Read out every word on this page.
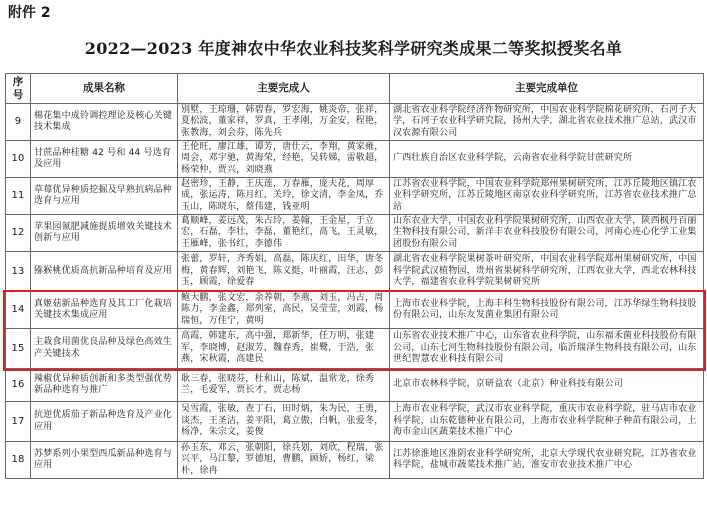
附件 2
2022—2023 年度神农中华农业科技奖科学研究类成果二等奖拟授奖名单
序号	成果名称	主要完成人	主要完成单位
9	棉花集中成铃调控理论及核心关键技术集成	别墅，王琼珊，韩碧春，罗宏海，姚炎帝，张祥，夏松波，董家祥，罗真，王孝刚，万金安，程艳，张教海，刘会芬，陈先兵	湖北省农业科学院经济作物研究所，中国农业科学院棉花研究所，石河子大学，石河子农业科学研究院，扬州大学，湖北省农业技术推广总站，武汉市汉农源有限公司
10	甘蔗品种桂糖 42 号和 44 号选育及应用	王伦旺，廖江雄，谭芳，唐仕云，李翔，黄家雍，周会，邓宇驰，黄海荣，经艳，吴转娣，雷敬超，杨荣仲，贾兴，刘晓燕	广西壮族自治区农业科学院，云南省农业科学院甘蔗研究所
11	草莓优异种质挖掘及早熟抗病品种选育与应用	赵密珍，王静，王庆莲，万春雁，庞夫花，周厚成，张运涛，陈月红，关玲，徐文清，李金凤，乔玉山，陈晓东，蔡伟建，钱亚明	江苏省农业科学院，中国农业科学院郑州果树研究所，江苏丘陵地区镇江农业科学研究所，江苏丘陵地区南京农业科学研究所，江苏省农业技术推广总站
12	苹果园氮肥减施提质增效关键技术创新与应用	葛顺峰，姜远茂，朱占玲，姜翰，王金星，于立宏，石磊，李壮，李磊，董艳红，高飞，王灵敏，王雁峰，张书红，李德伟	山东农业大学，中国农业科学院果树研究所，山西农业大学，陕西枫丹百丽生物科技有限公司，新洋丰农业科技股份有限公司，河南心连心化学工业集团股份有限公司
13	猕猴桃优质高抗新品种培育及应用	张蕾，罗轩，齐秀娟，高磊，陈庆红，田华，唐冬梅，黄春辉，刘艳飞，陈义挺，叶丽霞，汪志，彭玉，顾霞，徐爱春	湖北省农业科学院果树茶叶研究所，中国农业科学院郑州果树研究所，中国科学院武汉植物园，贵州省果树科学研究所，江西农业大学，西北农林科技大学，福建省农业科学院果树研究所
14	真姬菇新品种选育及其工厂化栽培关键技术集成应用	鲍大鹏，张文宏，余养朝，李燕，刘玉，冯占，周陈力，李金鑫，郑列室，高民，吴莹莹，刘霞，杨瑞恒，万佳宁，黄明	上海市农业科学院，上海丰科生物科技股份有限公司，江苏华绿生物科技股份有限公司，山东友发菌业集团有限公司
15	主栽食用菌优良品种及绿色高效生产关键技术	高霞，韩建东，高中强，郑新华，任万明，张建军，李晓博，赵淑芳，魏春秀，崔鹭，于浩，张燕，宋秋霞，高建民	山东省农业技术推广中心，山东省农业科学院，山东福禾菌业科技股份有限公司，山东七河生物科技股份有限公司，临沂瑞泽生物科技有限公司，山东世纪智慧农业科技有限公司
16	辣椒优异种质创新和多类型强优势新品种选育与推广	耿三春，张晓芬，杜和山，陈斌，温常龙，徐秀兰，毛爱军，贾长才，贾志杨	北京市农林科学院，京研益农（北京）种业科技有限公司
17	抗逆优质茄子新品种选育及产业化应用	吴雪霞，张敏，查丁石，田时炳，朱为民，王勇，谈杰，王圣洁，姜平阳，葛立傲，白帆，张爱冬，杨净，朱宗文，姜俊	上海市农业科学院，武汉市农业科学院，重庆市农业科学院，驻马店市农业科学院，山东乾德种业有限公司，上海市农业科学院种子种苗有限公司，上海市金山区蔬菜技术推广中心
18	苏梦系列小果型西瓜新品种选育与应用	孙玉东，邓云，张朝阳，徐兵划，刘欣，程瑞，张兴平，马江黎，罗德旭，曹鹏，顾娇，杨红，梁朴，徐冉	江苏徐淮地区淮阴农业科学研究所，北京大学现代农业研究院，江苏省农业科学院，盐城市蔬菜技术推广站，淮安市农业技术推广中心
